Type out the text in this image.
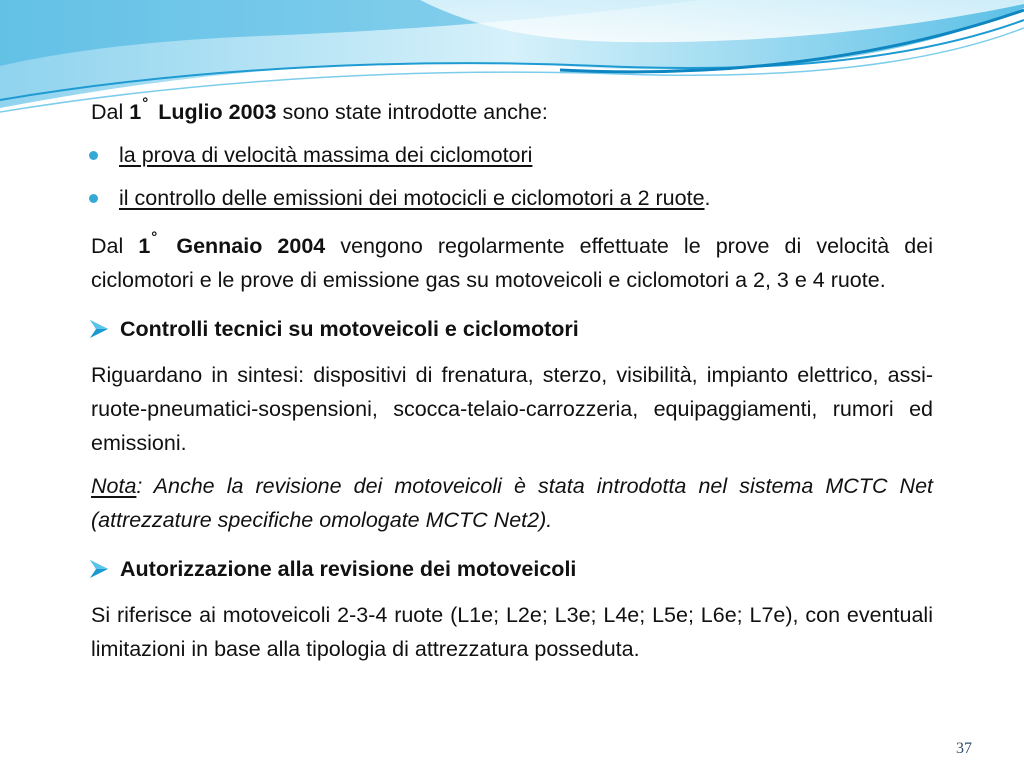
Dal 1° Luglio 2003 sono state introdotte anche:

la prova di velocità massima dei ciclomotori
il controllo delle emissioni dei motocicli e ciclomotori a 2 ruote.

Dal 1° Gennaio 2004 vengono regolarmente effettuate le prove di velocità dei ciclomotori e le prove di emissione gas su motoveicoli e ciclomotori a 2, 3 e 4 ruote.

Controlli tecnici su motoveicoli e ciclomotori

Riguardano in sintesi: dispositivi di frenatura, sterzo, visibilità, impianto elettrico, assi-ruote-pneumatici-sospensioni, scocca-telaio-carrozzeria, equipaggiamenti, rumori ed emissioni.

Nota: Anche la revisione dei motoveicoli è stata introdotta nel sistema MCTC Net (attrezzature specifiche omologate MCTC Net2).

Autorizzazione alla revisione dei motoveicoli

Si riferisce ai motoveicoli 2-3-4 ruote (L1e; L2e; L3e; L4e; L5e; L6e; L7e), con eventuali limitazioni in base alla tipologia di attrezzatura posseduta.

37
